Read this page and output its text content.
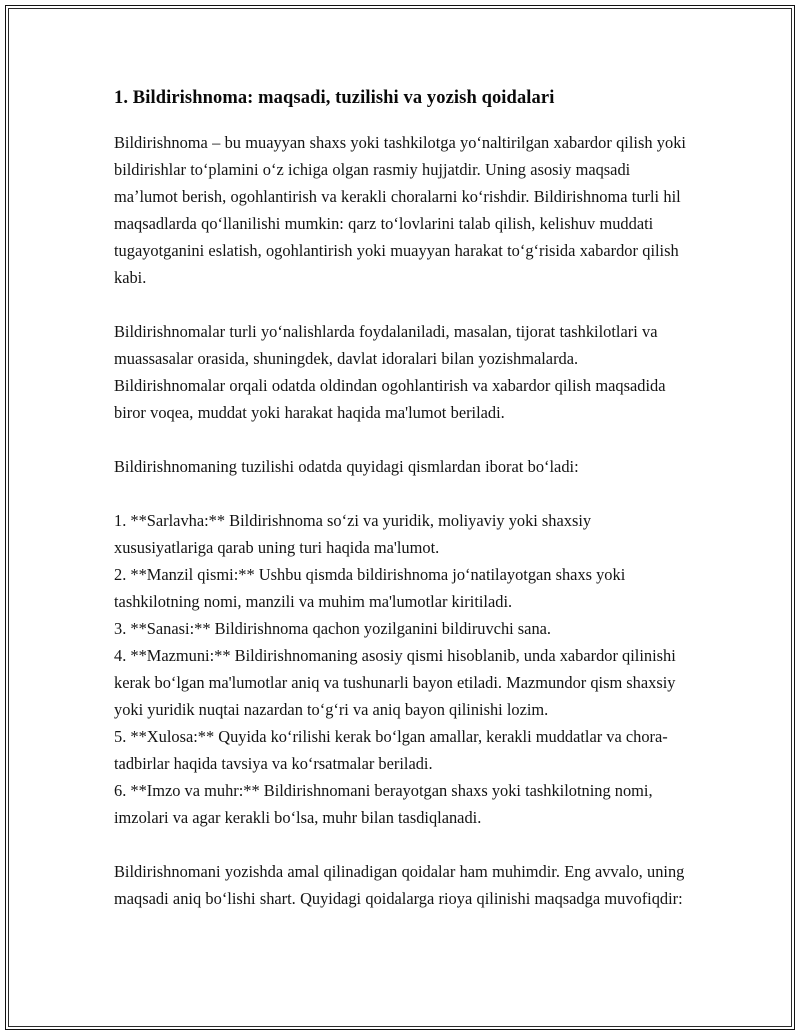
1. Bildirishnoma: maqsadi, tuzilishi va yozish qoidalari

Bildirishnoma – bu muayyan shaxs yoki tashkilotga yoʻnaltirilgan xabardor qilish yoki bildirishlar toʻplamini oʻz ichiga olgan rasmiy hujjatdir. Uning asosiy maqsadi maʼlumot berish, ogohlantirish va kerakli choralarni koʻrishdir. Bildirishnoma turli hil maqsadlarda qoʻllanilishi mumkin: qarz toʻlovlarini talab qilish, kelishuv muddati tugayotganini eslatish, ogohlantirish yoki muayyan harakat toʻgʻrisida xabardor qilish kabi.

Bildirishnomalar turli yoʻnalishlarda foydalaniladi, masalan, tijorat tashkilotlari va muassasalar orasida, shuningdek, davlat idoralari bilan yozishmalarda. Bildirishnomalar orqali odatda oldindan ogohlantirish va xabardor qilish maqsadida biror voqea, muddat yoki harakat haqida ma'lumot beriladi.

Bildirishnomaning tuzilishi odatda quyidagi qismlardan iborat boʻladi:

1. **Sarlavha:** Bildirishnoma soʻzi va yuridik, moliyaviy yoki shaxsiy xususiyatlariga qarab uning turi haqida ma'lumot.
2. **Manzil qismi:** Ushbu qismda bildirishnoma joʻnatilayotgan shaxs yoki tashkilotning nomi, manzili va muhim ma'lumotlar kiritiladi.
3. **Sanasi:** Bildirishnoma qachon yozilganini bildiruvchi sana.
4. **Mazmuni:** Bildirishnomaning asosiy qismi hisoblanib, unda xabardor qilinishi kerak boʻlgan ma'lumotlar aniq va tushunarli bayon etiladi. Mazmundor qism shaxsiy yoki yuridik nuqtai nazardan toʻgʻri va aniq bayon qilinishi lozim.
5. **Xulosa:** Quyida koʻrilishi kerak boʻlgan amallar, kerakli muddatlar va chora-tadbirlar haqida tavsiya va koʻrsatmalar beriladi.
6. **Imzo va muhr:** Bildirishnomani berayotgan shaxs yoki tashkilotning nomi, imzolari va agar kerakli boʻlsa, muhr bilan tasdiqlanadi.

Bildirishnomani yozishda amal qilinadigan qoidalar ham muhimdir. Eng avvalo, uning maqsadi aniq boʻlishi shart. Quyidagi qoidalarga rioya qilinishi maqsadga muvofiqdir:
